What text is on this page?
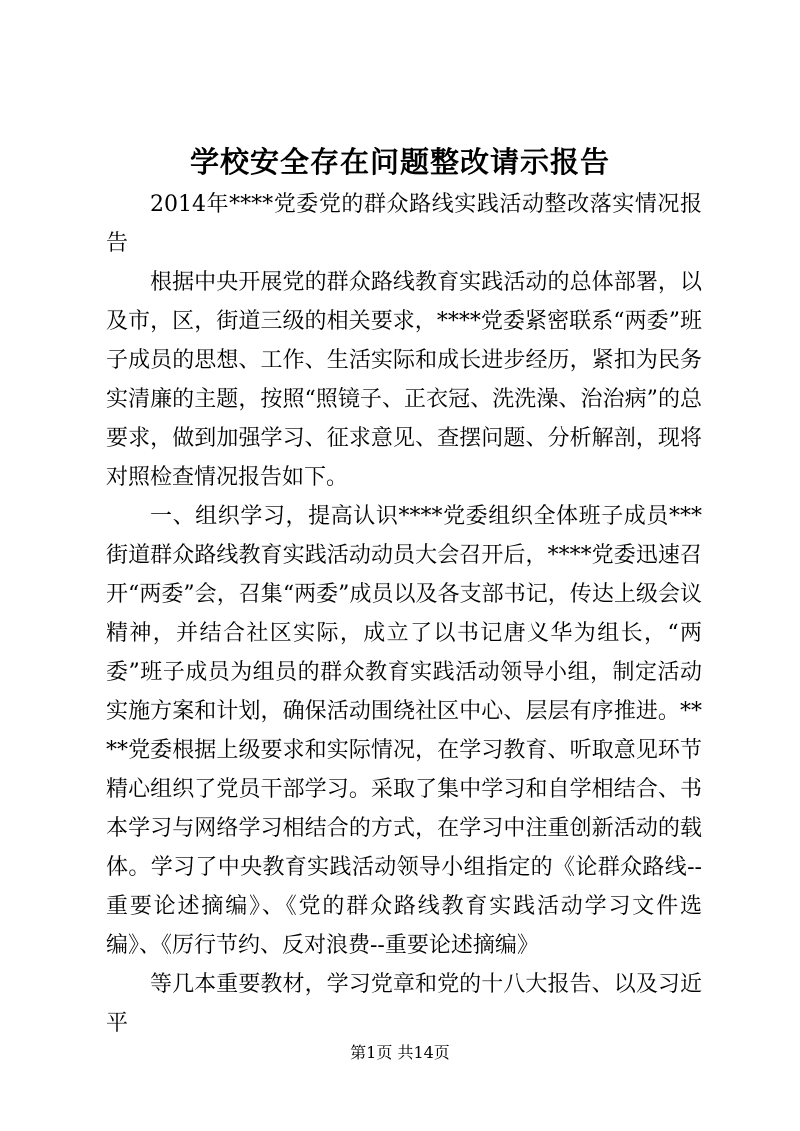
学校安全存在问题整改请示报告

2014年****党委党的群众路线实践活动整改落实情况报告

根据中央开展党的群众路线教育实践活动的总体部署，以及市，区，街道三级的相关要求，****党委紧密联系“两委”班子成员的思想、工作、生活实际和成长进步经历，紧扣为民务实清廉的主题，按照“照镜子、正衣冠、洗洗澡、治治病”的总要求，做到加强学习、征求意见、查摆问题、分析解剖，现将对照检查情况报告如下。

一、组织学习，提高认识****党委组织全体班子成员***街道群众路线教育实践活动动员大会召开后，****党委迅速召开“两委”会，召集“两委”成员以及各支部书记，传达上级会议精神，并结合社区实际，成立了以书记唐义华为组长，“两委”班子成员为组员的群众教育实践活动领导小组，制定活动实施方案和计划，确保活动围绕社区中心、层层有序推进。****党委根据上级要求和实际情况，在学习教育、听取意见环节精心组织了党员干部学习。采取了集中学习和自学相结合、书本学习与网络学习相结合的方式，在学习中注重创新活动的载体。学习了中央教育实践活动领导小组指定的《论群众路线--重要论述摘编》、《党的群众路线教育实践活动学习文件选编》、《厉行节约、反对浪费--重要论述摘编》

等几本重要教材，学习党章和党的十八大报告、以及习近平

第1页 共14页
